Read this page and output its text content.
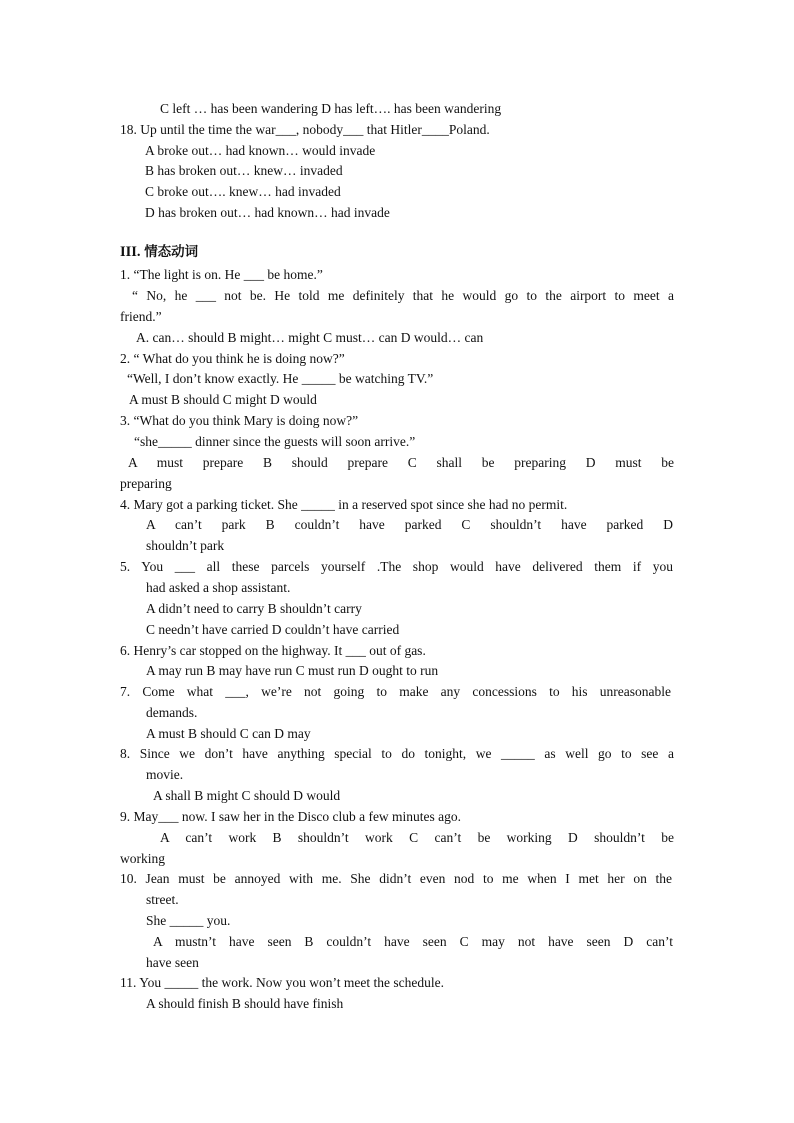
C left … has been wandering D has left…. has been wandering
18. Up until the time the war___, nobody___ that Hitler____Poland.
A broke out… had known… would invade
B has broken out… knew… invaded
C broke out…. knew… had invaded
D has broken out… had known… had invade
III. 情态动词
1. “The light is on. He ___ be home.”
“ No, he ___ not be. He told me definitely that he would go to the airport to meet a
friend.”
A. can… should B might… might C must… can D would… can
2. “ What do you think he is doing now?”
“Well, I don’t know exactly. He _____ be watching TV.”
A must B should C might D would
3. “What do you think Mary is doing now?”
“she_____ dinner since the guests will soon arrive.”
A must prepare B should prepare C shall be preparing D must be
preparing
4. Mary got a parking ticket. She _____ in a reserved spot since she had no permit.
A can’t park B couldn’t have parked C shouldn’t have parked D
shouldn’t park
5. You ___ all these parcels yourself .The shop would have delivered them if you
had asked a shop assistant.
A didn’t need to carry B shouldn’t carry
C needn’t have carried D couldn’t have carried
6. Henry’s car stopped on the highway. It ___ out of gas.
A may run B may have run C must run D ought to run
7. Come what ___, we’re not going to make any concessions to his unreasonable
demands.
A must B should C can D may
8. Since we don’t have anything special to do tonight, we _____ as well go to see a
movie.
A shall B might C should D would
9. May___ now. I saw her in the Disco club a few minutes ago.
A can’t work B shouldn’t work C can’t be working D shouldn’t be
working
10. Jean must be annoyed with me. She didn’t even nod to me when I met her on the
street.
She _____ you.
A mustn’t have seen B couldn’t have seen C may not have seen D can’t
have seen
11. You _____ the work. Now you won’t meet the schedule.
A should finish B should have finish
